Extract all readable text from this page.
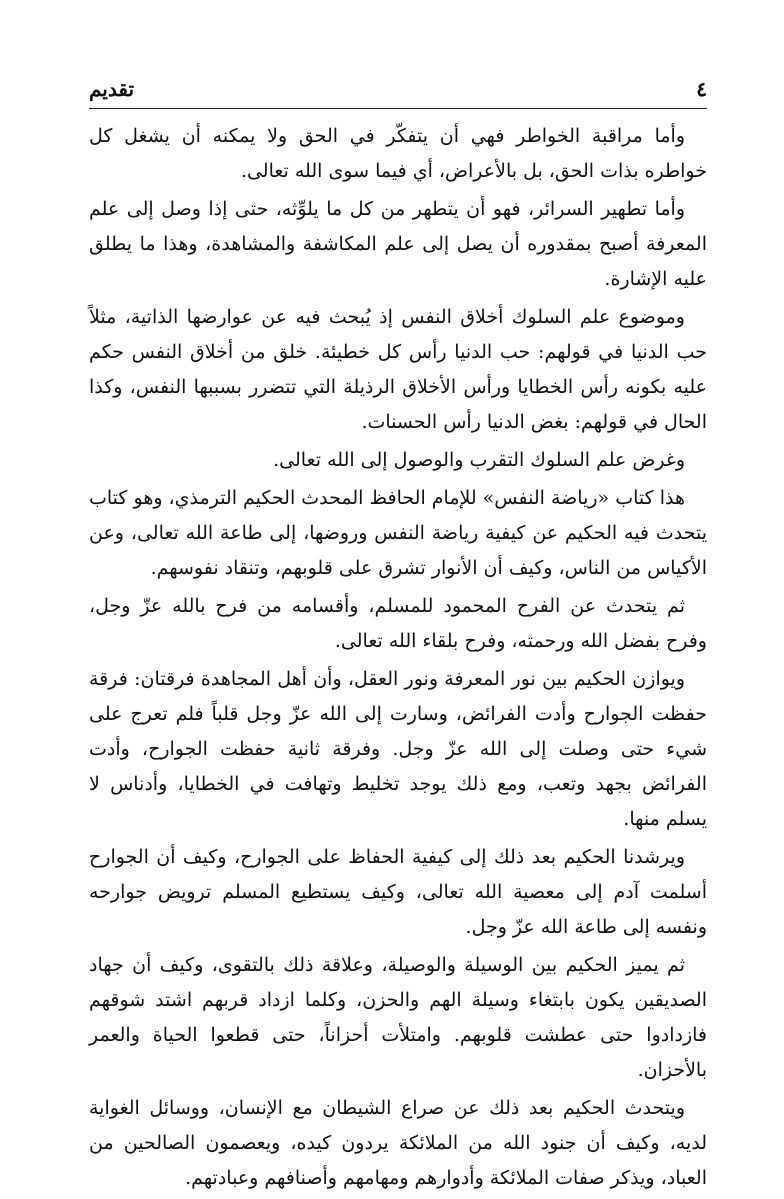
٤
تقديم

وأما مراقبة الخواطر فهي أن يتفكّر في الحق ولا يمكنه أن يشغل كل خواطره بذات الحق، بل بالأعراض، أي فيما سوى الله تعالى.

وأما تطهير السرائر، فهو أن يتطهر من كل ما يلوِّثه، حتى إذا وصل إلى علم المعرفة أصبح بمقدوره أن يصل إلى علم المكاشفة والمشاهدة، وهذا ما يطلق عليه الإشارة.

وموضوع علم السلوك أخلاق النفس إذ يُبحث فيه عن عوارضها الذاتية، مثلاً حب الدنيا في قولهم: حب الدنيا رأس كل خطيئة. خلق من أخلاق النفس حكم عليه بكونه رأس الخطايا ورأس الأخلاق الرذيلة التي تتضرر بسببها النفس، وكذا الحال في قولهم: بغض الدنيا رأس الحسنات.

وغرض علم السلوك التقرب والوصول إلى الله تعالى.

هذا كتاب «رياضة النفس» للإمام الحافظ المحدث الحكيم الترمذي، وهو كتاب يتحدث فيه الحكيم عن كيفية رياضة النفس وروضها، إلى طاعة الله تعالى، وعن الأكياس من الناس، وكيف أن الأنوار تشرق على قلوبهم، وتنقاد نفوسهم.

ثم يتحدث عن الفرح المحمود للمسلم، وأقسامه من فرح بالله عزّ وجل، وفرح بفضل الله ورحمته، وفرح بلقاء الله تعالى.

ويوازن الحكيم بين نور المعرفة ونور العقل، وأن أهل المجاهدة فرقتان: فرقة حفظت الجوارح وأدت الفرائض، وسارت إلى الله عزّ وجل قلباً فلم تعرج على شيء حتى وصلت إلى الله عزّ وجل. وفرقة ثانية حفظت الجوارح، وأدت الفرائض بجهد وتعب، ومع ذلك يوجد تخليط وتهافت في الخطايا، وأدناس لا يسلم منها.

ويرشدنا الحكيم بعد ذلك إلى كيفية الحفاظ على الجوارح، وكيف أن الجوارح أسلمت آدم إلى معصية الله تعالى، وكيف يستطيع المسلم ترويض جوارحه ونفسه إلى طاعة الله عزّ وجل.

ثم يميز الحكيم بين الوسيلة والوصيلة، وعلاقة ذلك بالتقوى، وكيف أن جهاد الصديقين يكون بابتغاء وسيلة الهم والحزن، وكلما ازداد قربهم اشتد شوقهم فازدادوا حتى عطشت قلوبهم. وامتلأت أحزاناً، حتى قطعوا الحياة والعمر بالأحزان.

ويتحدث الحكيم بعد ذلك عن صراع الشيطان مع الإنسان، ووسائل الغواية لديه، وكيف أن جنود الله من الملائكة يردون كيده، ويعصمون الصالحين من العباد، ويذكر صفات الملائكة وأدوارهم ومهامهم وأصنافهم وعبادتهم.
